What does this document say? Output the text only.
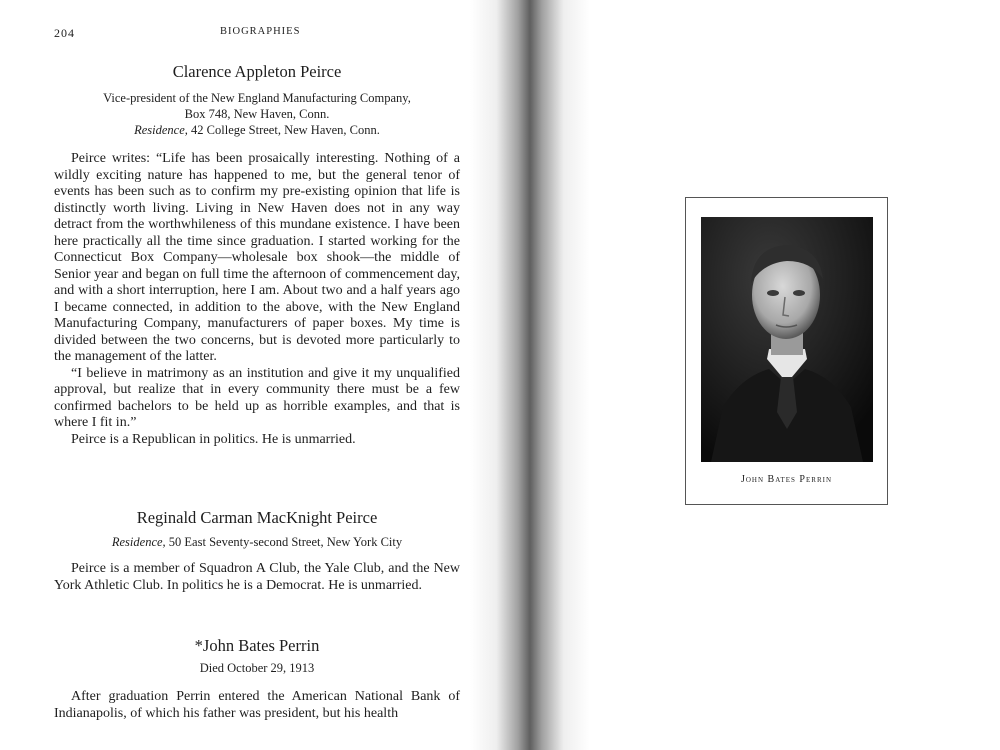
204	BIOGRAPHIES

Clarence Appleton Peirce

Vice-president of the New England Manufacturing Company,

Box 748, New Haven, Conn.

Residence, 42 College Street, New Haven, Conn.

Peirce writes: “Life has been prosaically interesting. Nothing of a wildly exciting nature has happened to me, but the general tenor of events has been such as to confirm my pre-existing opinion that life is distinctly worth living. Living in New Haven does not in any way detract from the worthwhileness of this mundane existence. I have been here practically all the time since graduation. I started working for the Connecticut Box Company—wholesale box shook—the middle of Senior year and began on full time the afternoon of commencement day, and with a short interruption, here I am. About two and a half years ago I became connected, in addition to the above, with the New England Manufacturing Company, manufacturers of paper boxes. My time is divided between the two concerns, but is devoted more particularly to the management of the latter.

“I believe in matrimony as an institution and give it my unqualified approval, but realize that in every community there must be a few confirmed bachelors to be held up as horrible examples, and that is where I fit in.”

Peirce is a Republican in politics. He is unmarried.

Reginald Carman MacKnight Peirce

Residence, 50 East Seventy-second Street, New York City

Peirce is a member of Squadron A Club, the Yale Club, and the New York Athletic Club. In politics he is a Democrat. He is unmarried.

*John Bates Perrin

Died October 29, 1913

After graduation Perrin entered the American National Bank of Indianapolis, of which his father was president, but his health

John Bates Perrin
